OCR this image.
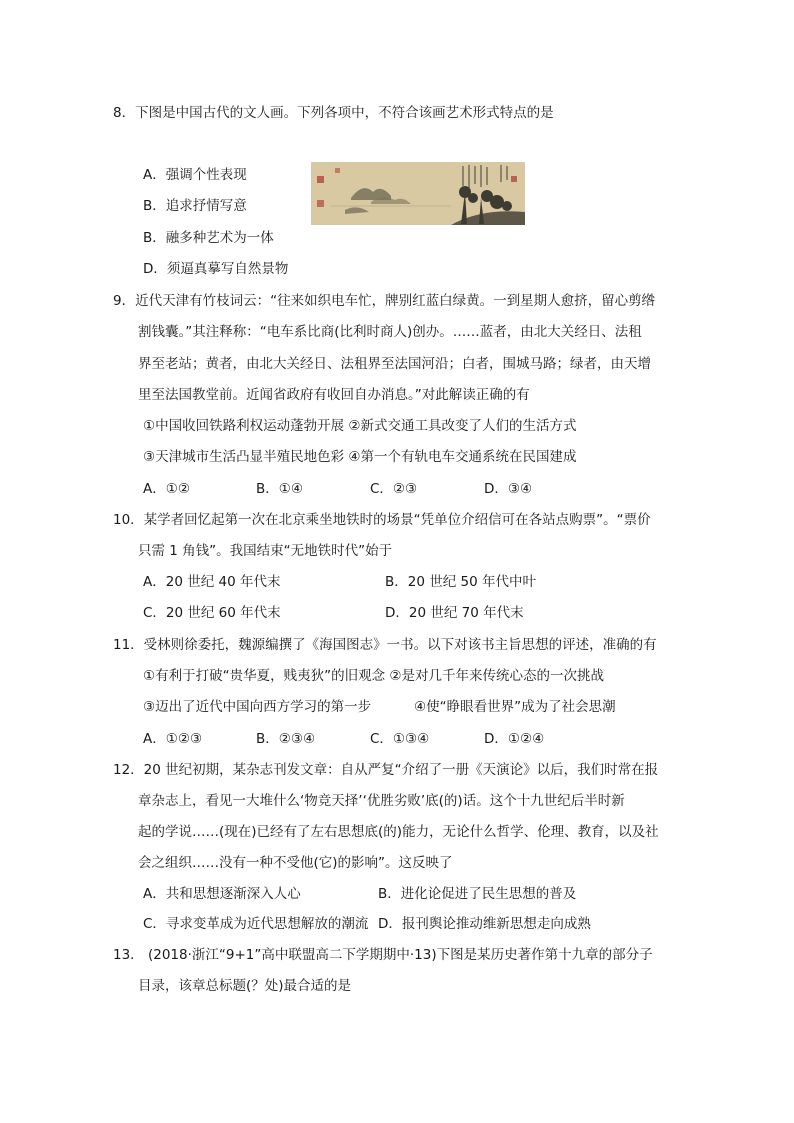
8．下图是中国古代的文人画。下列各项中，不符合该画艺术形式特点的是
A．强调个性表现
B．追求抒情写意
B．融多种艺术为一体
D．须逼真摹写自然景物
9．近代天津有竹枝词云：“往来如织电车忙，牌别红蓝白绿黄。一到星期人愈挤，留心剪绺
割钱囊。”其注释称：“电车系比商(比利时商人)创办。……蓝者，由北大关经日、法租
界至老站；黄者，由北大关经日、法租界至法国河沿；白者，围城马路；绿者，由天增
里至法国教堂前。近闻省政府有收回自办消息。”对此解读正确的有
①中国收回铁路利权运动蓬勃开展 ②新式交通工具改变了人们的生活方式
③天津城市生活凸显半殖民地色彩 ④第一个有轨电车交通系统在民国建成
A．①②	B．①④	C．②③	D．③④
10．某学者回忆起第一次在北京乘坐地铁时的场景“凭单位介绍信可在各站点购票”。“票价
只需 1 角钱”。我国结束“无地铁时代”始于
A．20 世纪 40 年代末	B．20 世纪 50 年代中叶
C．20 世纪 60 年代末	D．20 世纪 70 年代末
11．受林则徐委托，魏源编撰了《海国图志》一书。以下对该书主旨思想的评述，准确的有
①有利于打破“贵华夏，贱夷狄”的旧观念 ②是对几千年来传统心态的一次挑战
③迈出了近代中国向西方学习的第一步	④使“睁眼看世界”成为了社会思潮
A．①②③	B．②③④	C．①③④	D．①②④
12．20 世纪初期，某杂志刊发文章：自从严复“介绍了一册《天演论》以后，我们时常在报
章杂志上，看见一大堆什么‘物竞天择’‘优胜劣败’底(的)话。这个十九世纪后半时新
起的学说……(现在)已经有了左右思想底(的)能力，无论什么哲学、伦理、教育，以及社
会之组织……没有一种不受他(它)的影响”。这反映了
A．共和思想逐渐深入人心	B．进化论促进了民生思想的普及
C．寻求变革成为近代思想解放的潮流 D．报刊舆论推动维新思想走向成熟
13． (2018·浙江“9+1”高中联盟高二下学期期中·13)下图是某历史著作第十九章的部分子
目录，该章总标题(？处)最合适的是
